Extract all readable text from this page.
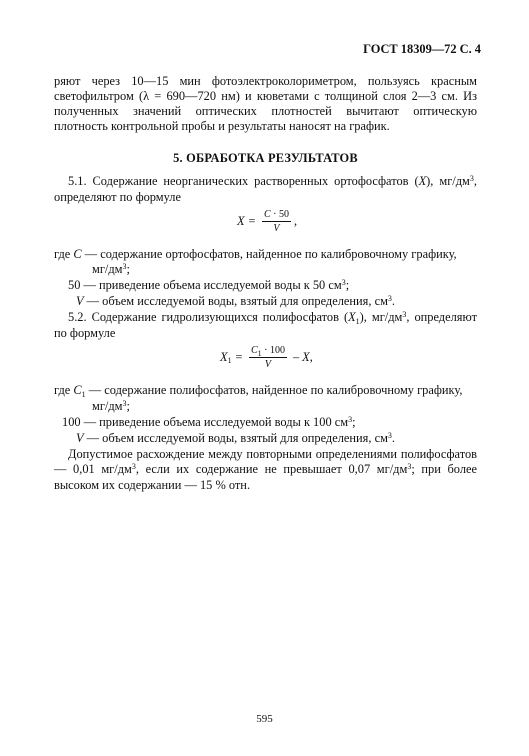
ГОСТ 18309—72 С. 4

ряют через 10—15 мин фотоэлектроколориметром, пользуясь красным светофильтром (λ = 690—720 нм) и кюветами с толщиной слоя 2—3 см. Из полученных значений оптических плотностей вычитают оптическую плотность контрольной пробы и результаты наносят на график.

5. ОБРАБОТКА РЕЗУЛЬТАТОВ

5.1. Содержание неорганических растворенных ортофосфатов (X), $мг/дм^3$, определяют по формуле

$X = \frac{C \cdot 50}{V}$ ,

где C — содержание ортофосфатов, найденное по калибровочному графику,

$мг/дм^3$;

50 — приведение объема исследуемой воды к 50 $см^3$;

V — объем исследуемой воды, взятый для определения, $см^3$.

5.2. Содержание гидролизующихся полифосфатов $(X_1)$, $мг/дм^3$, определяют по формуле

X $1 = \frac{C_1 \cdot 100}{V} - X$ ,

где $C_1$ — содержание полифосфатов, найденное по калибровочному графику,

$мг/дм^3$;

100 — приведение объема исследуемой воды к 100 $см^3$;

V — объем исследуемой воды, взятый для определения, $см^3$.

Допустимое расхождение между повторными определениями полифосфатов — 0,01 $мг/дм^3$, если их содержание не превышает 0,07 $мг/дм^3$; при более высоком их содержании — 15 % отн.

595
